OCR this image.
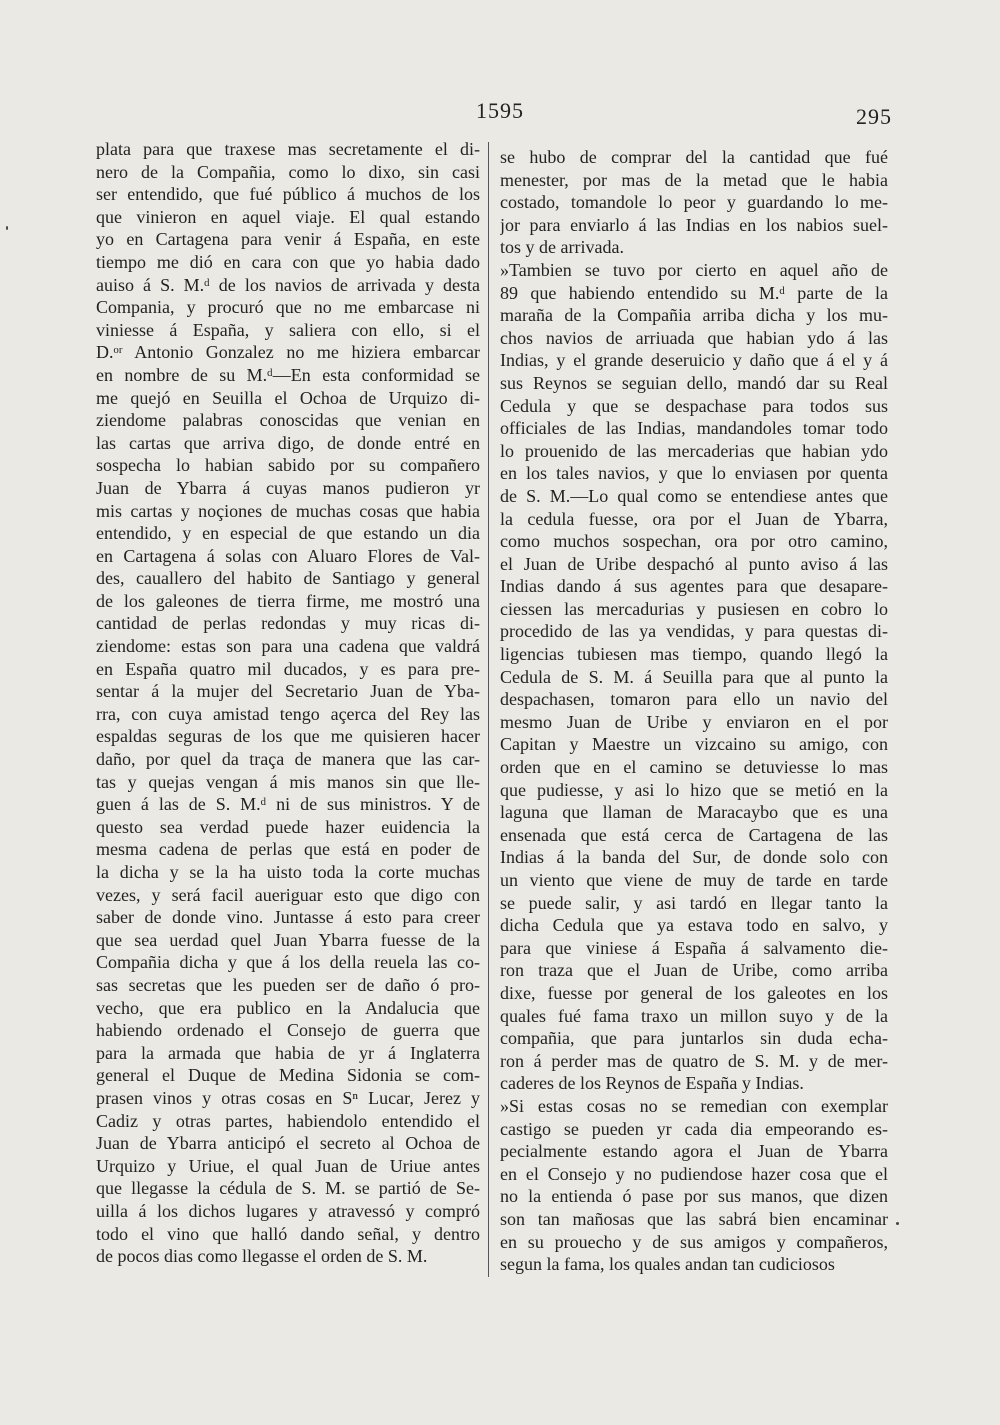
1595	295
plata para que traxese mas secretamente el di-
nero de la Compañia, como lo dixo, sin casi
ser entendido, que fué público á muchos de los
que vinieron en aquel viaje. El qual estando
yo en Cartagena para venir á España, en este
tiempo me dió en cara con que yo habia dado
auiso á S. M.ᵈ de los navios de arrivada y desta
Compania, y procuró que no me embarcase ni
viniesse á España, y saliera con ello, si el
D.ᵒʳ Antonio Gonzalez no me hiziera embarcar
en nombre de su M.ᵈ—En esta conformidad se
me quejó en Seuilla el Ochoa de Urquizo di-
ziendome palabras conoscidas que venian en
las cartas que arriva digo, de donde entré en
sospecha lo habian sabido por su compañero
Juan de Ybarra á cuyas manos pudieron yr
mis cartas y noçiones de muchas cosas que habia
entendido, y en especial de que estando un dia
en Cartagena á solas con Aluaro Flores de Val-
des, cauallero del habito de Santiago y general
de los galeones de tierra firme, me mostró una
cantidad de perlas redondas y muy ricas di-
ziendome: estas son para una cadena que valdrá
en España quatro mil ducados, y es para pre-
sentar á la mujer del Secretario Juan de Yba-
rra, con cuya amistad tengo açerca del Rey las
espaldas seguras de los que me quisieren hacer
daño, por quel da traça de manera que las car-
tas y quejas vengan á mis manos sin que lle-
guen á las de S. M.ᵈ ni de sus ministros. Y de
questo sea verdad puede hazer euidencia la
mesma cadena de perlas que está en poder de
la dicha y se la ha uisto toda la corte muchas
vezes, y será facil aueriguar esto que digo con
saber de donde vino. Juntasse á esto para creer
que sea uerdad quel Juan Ybarra fuesse de la
Compañia dicha y que á los della reuela las co-
sas secretas que les pueden ser de daño ó pro-
vecho, que era publico en la Andalucia que
habiendo ordenado el Consejo de guerra que
para la armada que habia de yr á Inglaterra
general el Duque de Medina Sidonia se com-
prasen vinos y otras cosas en Sⁿ Lucar, Jerez y
Cadiz y otras partes, habiendolo entendido el
Juan de Ybarra anticipó el secreto al Ochoa de
Urquizo y Uriue, el qual Juan de Uriue antes
que llegasse la cédula de S. M. se partió de Se-
uilla á los dichos lugares y atravessó y compró
todo el vino que halló dando señal, y dentro
de pocos dias como llegasse el orden de S. M.
se hubo de comprar del la cantidad que fué
menester, por mas de la metad que le habia
costado, tomandole lo peor y guardando lo me-
jor para enviarlo á las Indias en los nabios suel-
tos y de arrivada.
»Tambien se tuvo por cierto en aquel año de
89 que habiendo entendido su M.ᵈ parte de la
maraña de la Compañia arriba dicha y los mu-
chos navios de arriuada que habian ydo á las
Indias, y el grande deseruicio y daño que á el y á
sus Reynos se seguian dello, mandó dar su Real
Cedula y que se despachase para todos sus
officiales de las Indias, mandandoles tomar todo
lo prouenido de las mercaderias que habian ydo
en los tales navios, y que lo enviasen por quenta
de S. M.—Lo qual como se entendiese antes que
la cedula fuesse, ora por el Juan de Ybarra,
como muchos sospechan, ora por otro camino,
el Juan de Uribe despachó al punto aviso á las
Indias dando á sus agentes para que desapare-
ciessen las mercadurias y pusiesen en cobro lo
procedido de las ya vendidas, y para questas di-
ligencias tubiesen mas tiempo, quando llegó la
Cedula de S. M. á Seuilla para que al punto la
despachasen, tomaron para ello un navio del
mesmo Juan de Uribe y enviaron en el por
Capitan y Maestre un vizcaino su amigo, con
orden que en el camino se detuviesse lo mas
que pudiesse, y asi lo hizo que se metió en la
laguna que llaman de Maracaybo que es una
ensenada que está cerca de Cartagena de las
Indias á la banda del Sur, de donde solo con
un viento que viene de muy de tarde en tarde
se puede salir, y asi tardó en llegar tanto la
dicha Cedula que ya estava todo en salvo, y
para que viniese á España á salvamento die-
ron traza que el Juan de Uribe, como arriba
dixe, fuesse por general de los galeotes en los
quales fué fama traxo un millon suyo y de la
compañia, que para juntarlos sin duda echa-
ron á perder mas de quatro de S. M. y de mer-
caderes de los Reynos de España y Indias.
»Si estas cosas no se remedian con exemplar
castigo se pueden yr cada dia empeorando es-
pecialmente estando agora el Juan de Ybarra
en el Consejo y no pudiendose hazer cosa que el
no la entienda ó pase por sus manos, que dizen
son tan mañosas que las sabrá bien encaminar
en su prouecho y de sus amigos y compañeros,
segun la fama, los quales andan tan cudiciosos
